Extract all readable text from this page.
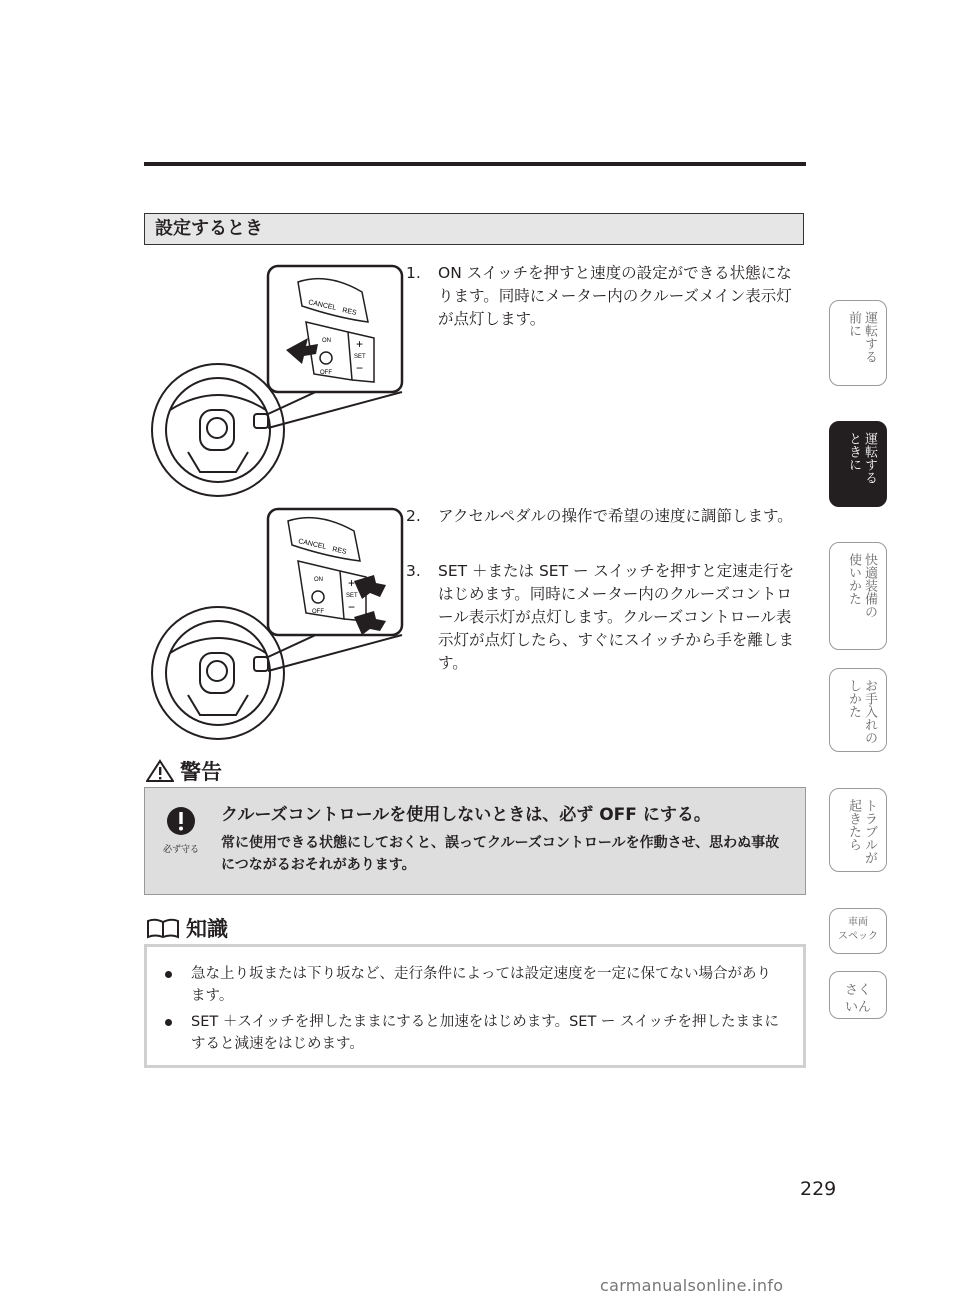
設定するとき
CANCEL
RES
ON
OFF
SET
+
−
CANCEL
RES
ON
OFF
SET
+
−
1. ON スイッチを押すと速度の設定ができる状態になります。同時にメーター内のクルーズメイン表示灯が点灯します。
2. アクセルペダルの操作で希望の速度に調節します。
3. SET ＋または SET ー スイッチを押すと定速走行をはじめます。同時にメーター内のクルーズコントロール表示灯が点灯します。クルーズコントロール表示灯が点灯したら、すぐにスイッチから手を離します。
警告
必ず守る
クルーズコントロールを使用しないときは、必ず OFF にする。
常に使用できる状態にしておくと、誤ってクルーズコントロールを作動させ、思わぬ事故につながるおそれがあります。
知識
急な上り坂または下り坂など、走行条件によっては設定速度を一定に保てない場合があります。
SET ＋スイッチを押したままにすると加速をはじめます。SET ー スイッチを押したままにすると減速をはじめます。
運転する
前に
運転する
ときに
快適装備の
使いかた
お手入れの
しかた
トラブルが
起きたら
車両
スペック
さく
いん
229
carmanualsonline.info
